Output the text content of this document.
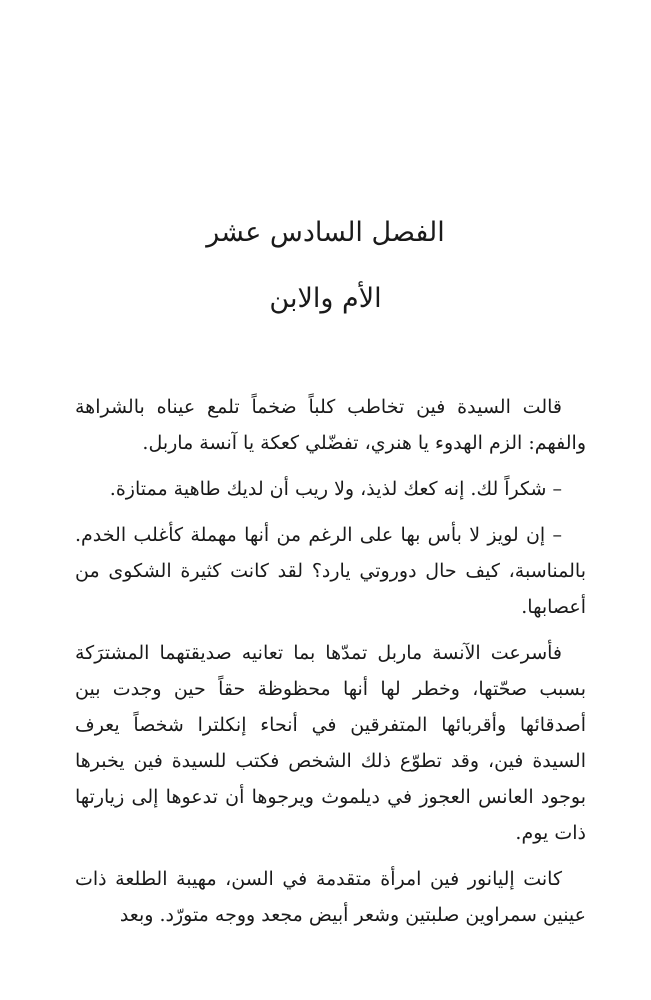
الفصل السادس عشر
الأم والابن

قالت السيدة فين تخاطب كلباً ضخماً تلمع عيناه بالشراهة والفهم: الزم الهدوء يا هنري، تفضّلي كعكة يا آنسة ماربل.

– شكراً لك. إنه كعك لذيذ، ولا ريب أن لديك طاهية ممتازة.

– إن لويز لا بأس بها على الرغم من أنها مهملة كأغلب الخدم. بالمناسبة، كيف حال دوروتي يارد؟ لقد كانت كثيرة الشكوى من أعصابها.

فأسرعت الآنسة ماربل تمدّها بما تعانيه صديقتهما المشترَكة بسبب صحّتها، وخطر لها أنها محظوظة حقاً حين وجدت بين أصدقائها وأقربائها المتفرقين في أنحاء إنكلترا شخصاً يعرف السيدة فين، وقد تطوّع ذلك الشخص فكتب للسيدة فين يخبرها بوجود العانس العجوز في ديلموث ويرجوها أن تدعوها إلى زيارتها ذات يوم.

كانت إليانور فين امرأة متقدمة في السن، مهيبة الطلعة ذات عينين سمراوين صلبتين وشعر أبيض مجعد ووجه متورّد. وبعد
